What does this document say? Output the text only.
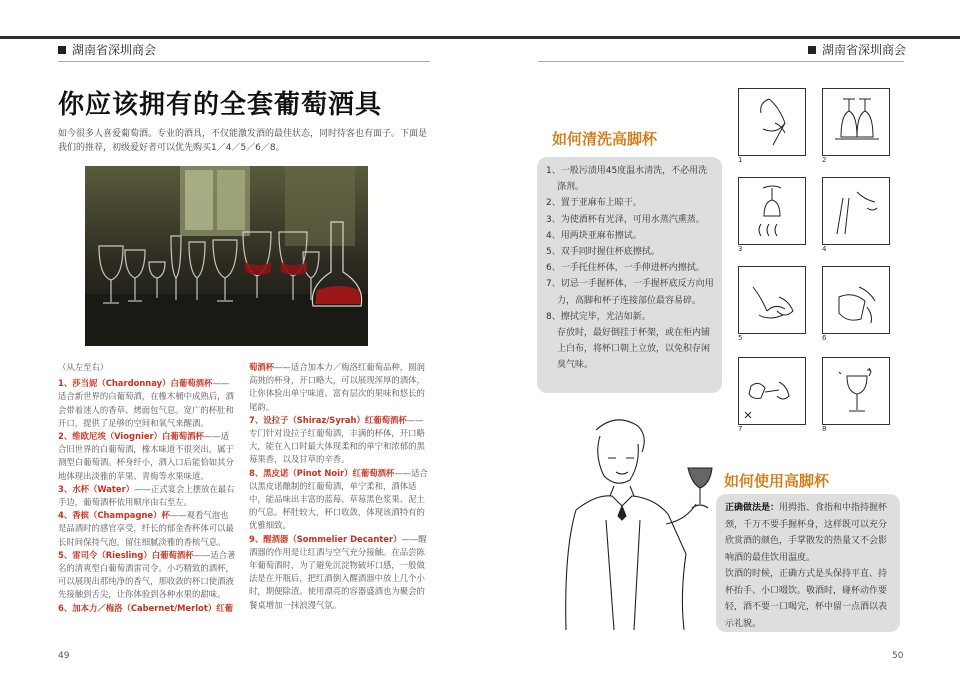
湖南省深圳商会	湖南省深圳商会
你应该拥有的全套葡萄酒具
如今很多人喜爱葡萄酒。专业的酒具，不仅能激发酒的最佳状态，同时待客也有面子。下面是我们的推荐，初级爱好者可以优先购买1／4／5／6／8。

（从左至右）

1、莎当妮（Chardonnay）白葡萄酒杯——适合新世界的白葡萄酒，在橡木桶中成熟后，酒会带着迷人的香草、烤面包气息。宽广的杯肚和开口，提供了足够的空间和氧气来醒酒。

2、维欧尼埃（Viognier）白葡萄酒杯——适合旧世界的白葡萄酒，橡木味道不很突出，属于测型白葡萄酒。杯身纤小，酒入口后能恰如其分地体现出淡雅的苹果、青梅等水果味道。

3、水杯（Water）——正式宴会上摆放在最右手边，葡萄酒杯依用顺序由右至左。

4、香槟（Champagne）杯——观看气泡也是品酒时的感官享受，纤长的郁金香杯体可以最长时间保持气泡，留住细腻淡雅的香槟气息。

5、雷司令（Riesling）白葡萄酒杯——适合著名的清爽型白葡萄酒雷司令。小巧精致的酒杯，可以展现出那纯净的香气，那收敛的杯口使酒液先接触到舌尖，让你体验到各种水果的甜味。

6、加本力／梅洛（Cabernet/Merlot）红葡

萄酒杯——适合加本力／梅洛红葡萄品种，圆润高挑的杯身，开口略大，可以展现浑厚的酒体，让你体验出单宁味道、富有层次的果味和悠长的尾韵。

7、设拉子（Shiraz/Syrah）红葡萄酒杯——专门针对设拉子红葡萄酒，丰满的杯体，开口略大，能在入口时最大体现柔和的单宁和浓郁的黑莓果香，以及甘草的辛香。

8、黑皮诺（Pinot Noir）红葡萄酒杯——适合以黑皮诺酿制的红葡萄酒，单宁柔和，酒体适中，能品味出丰富的蓝莓、草莓黑色浆果、泥土的气息。杯肚较大，杯口收敛，体现该酒特有的优雅细致。

9、醒酒器（Sommelier Decanter）——醒酒器的作用是让红酒与空气充分接触。在品尝陈年葡萄酒时，为了避免沉淀物破坏口感，一般做法是在开瓶后，把红酒倒入醒酒器中放上几个小时，期便除渣。使用漂亮的容器盛酒也为聚会的餐桌增加一抹浪漫气氛。

49	50
如何清洗高脚杯
1、一般污渍用45度温水清洗，不必用洗涤剂。
2、置于亚麻布上晾干。
3、为使酒杯有光泽，可用水蒸汽熏蒸。
4、用两块亚麻布擦试。
5、双手同时握住杯底擦拭。
6、一手托住杯体，一手伸进杯内擦拭。
7、切忌一手握杯体，一手握杯底反方向用力，高脚和杯子连接部位最容易碎。
8、擦拭完毕，光洁如新。
存放时，最好倒挂于杯架，或在柜内铺上白布，将杯口朝上立放，以免积存闲臭气味。
1	2
3	4
5	6
7	8
如何使用高脚杯
正确做法是：用拇指、食指和中指持握杯颈，千万不要手握杯身，这样既可以充分欣赏酒的颜色，手掌散发的热量又不会影响酒的最佳饮用温度。
饮酒的时候，正确方式是头保持平直、持杯抬手、小口啜饮。敬酒时，碰杯动作要轻，酒不要一口喝完，杯中留一点酒以表示礼貌。
